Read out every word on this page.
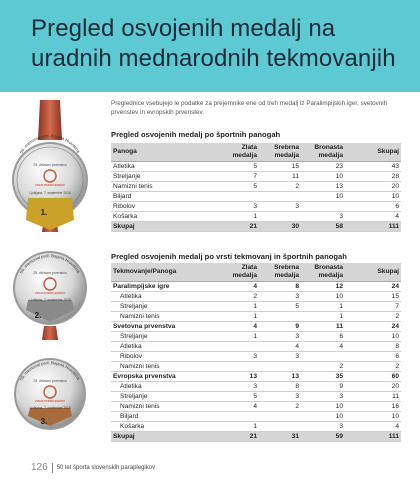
Pregled osvojenih medalj na
uradnih mednarodnih tekmovanjih
50. memorial prof. Bojana Hrovatina
29. državno prvenstvo
ZVEZA PARAPLEGIKOV
Ljubljana, 7. september 2015
1.
50. memorial prof. Bojana Hrovatina
29. državno prvenstvo
ZVEZA PARAPLEGIKOV
Ljubljana, 7. september 2015
2.
50. memorial prof. Bojana Hrovatina
29. državno prvenstvo
ZVEZA PARAPLEGIKOV
Ljubljana, 7. september 2015
3.

Preglednice vsebujejo le podatke za prejemnike ene od treh medalj iz Paralimpijskih iger, svetovnih prvenstev in evropskih prvenstev.

Pregled osvojenih medalj po športnih panogah
Panoga	Zlata medalja	Srebrna medalja	Bronasta medalja	Skupaj
Atletika	5	15	23	43
Streljanje	7	11	10	28
Namizni tenis	5	2	13	20
Biljard			10	10
Ribolov	3	3		6
Košarka	1		3	4
Skupaj	21	30	58	111
Pregled osvojenih medalj po vrsti tekmovanj in športnih panogah
Tekmovanje/Panoga	Zlata medalja	Srebrna medalja	Bronasta medalja	Skupaj
Paralimpijske igre	4	8	12	24
Atletika	2	3	10	15
Streljanje	1	5	1	7
Namizni tenis	1		1	2
Svetovna prvenstva	4	9	11	24
Streljanje	1	3	6	10
Atletika		4	4	8
Ribolov	3	3		6
Namizni tenis			2	2
Evropska prvenstva	13	13	35	60
Atletika	3	8	9	20
Streljanje	5	3	3	11
Namizni tenis	4	2	10	16
Biljard			10	10
Košarka	1		3	4
Skupaj	21	31	59	111
126 50 let športa slovenskih paraplegikov
